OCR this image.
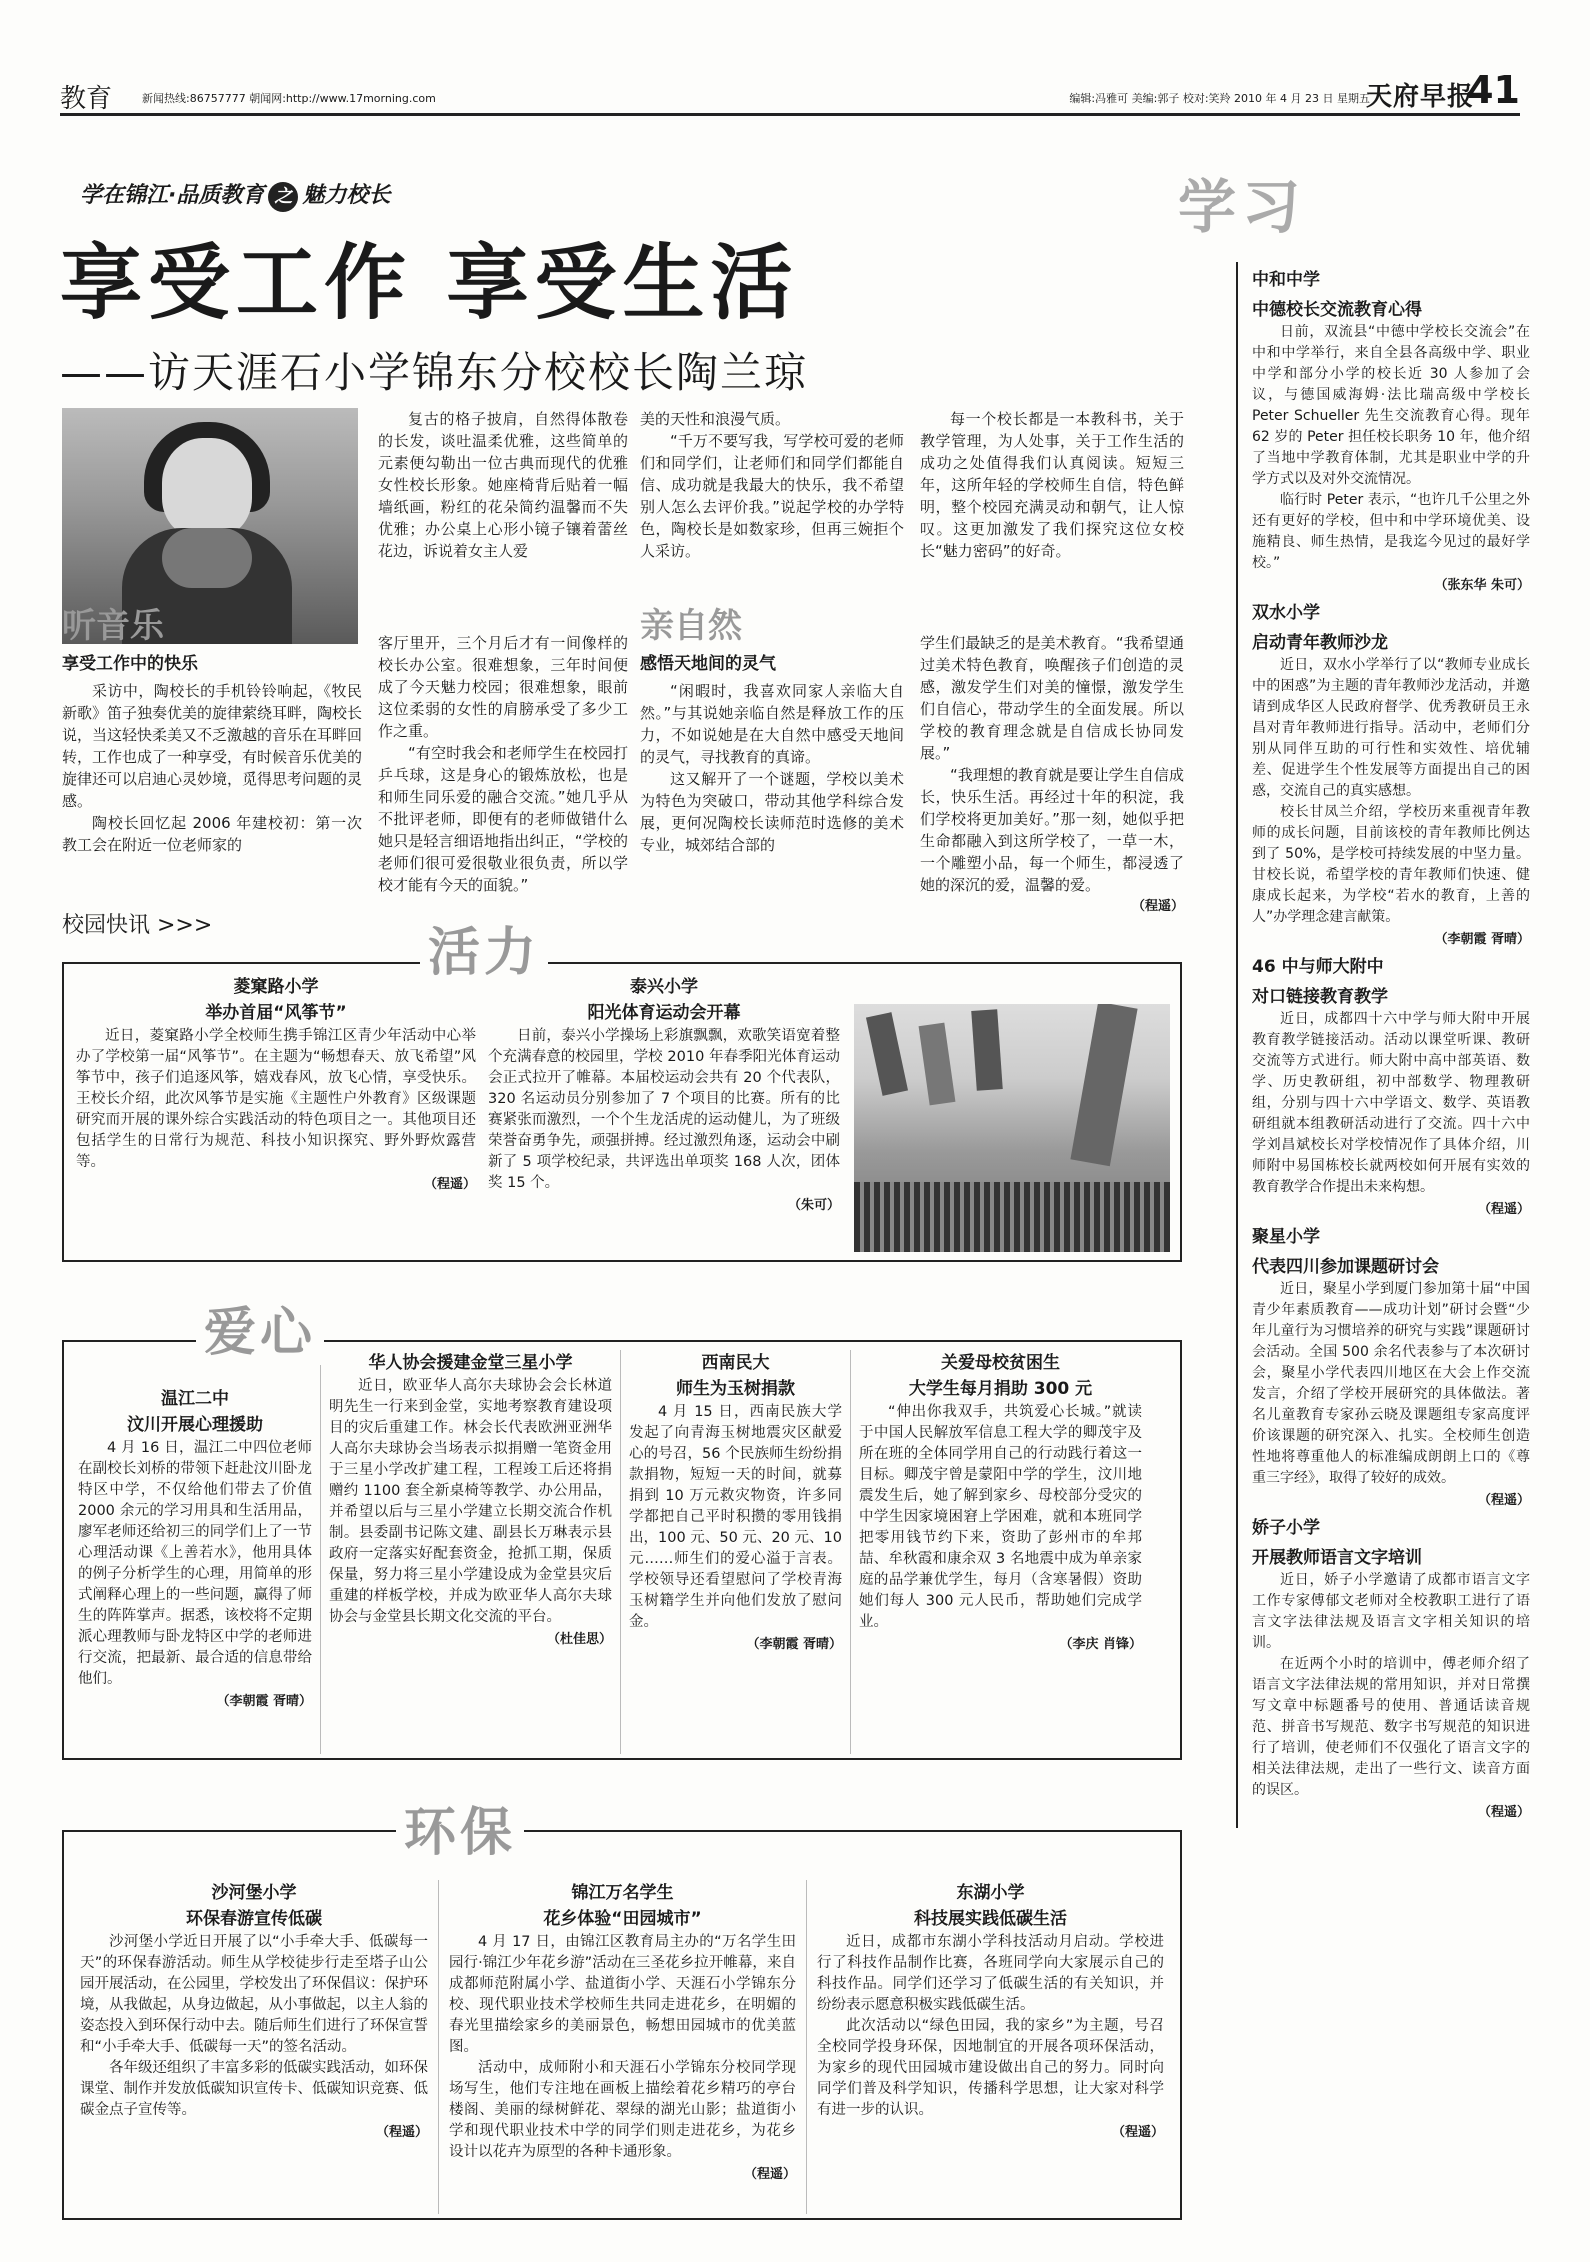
教育	新闻热线:86757777 朝闻网:http://www.17morning.com	编辑:冯雅可 美编:郭子 校对:笑羚 2010 年 4 月 23 日 星期五
天府早报
41
学在锦江·品质教育 之 魅力校长
享受工作 享受生活
——访天涯石小学锦东分校校长陶兰琼

复古的格子披肩，自然得体散卷的长发，谈吐温柔优雅，这些简单的元素便勾勒出一位古典而现代的优雅女性校长形象。她座椅背后贴着一幅墙纸画，粉红的花朵简约温馨而不失优雅；办公桌上心形小镜子镶着蕾丝花边，诉说着女主人爱

美的天性和浪漫气质。

“千万不要写我，写学校可爱的老师们和同学们，让老师们和同学们都能自信、成功就是我最大的快乐，我不希望别人怎么去评价我。”说起学校的办学特色，陶校长是如数家珍，但再三婉拒个人采访。

每一个校长都是一本教科书，关于教学管理，为人处事，关于工作生活的成功之处值得我们认真阅读。短短三年，这所年轻的学校师生自信，特色鲜明，整个校园充满灵动和朝气，让人惊叹。这更加激发了我们探究这位女校长“魅力密码”的好奇。

听音乐
享受工作中的快乐

采访中，陶校长的手机铃铃响起，《牧民新歌》笛子独奏优美的旋律萦绕耳畔，陶校长说，当这轻快柔美又不乏激越的音乐在耳畔回转，工作也成了一种享受，有时候音乐优美的旋律还可以启迪心灵妙境，觅得思考问题的灵感。

陶校长回忆起 2006 年建校初：第一次教工会在附近一位老师家的

客厅里开，三个月后才有一间像样的校长办公室。很难想象，三年时间便成了今天魅力校园；很难想象，眼前这位柔弱的女性的肩膀承受了多少工作之重。

“有空时我会和老师学生在校园打乒乓球，这是身心的锻炼放松，也是和师生同乐爱的融合交流。”她几乎从不批评老师，即便有的老师做错什么她只是轻言细语地指出纠正，“学校的老师们很可爱很敬业很负责，所以学校才能有今天的面貌。”

亲自然
感悟天地间的灵气

“闲暇时，我喜欢同家人亲临大自然。”与其说她亲临自然是释放工作的压力，不如说她是在大自然中感受天地间的灵气，寻找教育的真谛。

这又解开了一个谜题，学校以美术为特色为突破口，带动其他学科综合发展，更何况陶校长读师范时选修的美术专业，城郊结合部的

学生们最缺乏的是美术教育。“我希望通过美术特色教育，唤醒孩子们创造的灵感，激发学生们对美的憧憬，激发学生们自信心，带动学生的全面发展。所以学校的教育理念就是自信成长协同发展。”

“我理想的教育就是要让学生自信成长，快乐生活。再经过十年的积淀，我们学校将更加美好。”那一刻，她似乎把生命都融入到这所学校了，一草一木，一个雕塑小品，每一个师生，都浸透了她的深沉的爱，温馨的爱。

（程遥）
学习
中和中学
中德校长交流教育心得

日前，双流县“中德中学校长交流会”在中和中学举行，来自全县各高级中学、职业中学和部分小学的校长近 30 人参加了会议，与德国威海姆·法比瑞高级中学校长 Peter Schueller 先生交流教育心得。现年 62 岁的 Peter 担任校长职务 10 年，他介绍了当地中学教育体制，尤其是职业中学的升学方式以及对外交流情况。

临行时 Peter 表示，“也许几千公里之外还有更好的学校，但中和中学环境优美、设施精良、师生热情，是我迄今见过的最好学校。”

（张东华 朱可）
双水小学
启动青年教师沙龙

近日，双水小学举行了以“教师专业成长中的困惑”为主题的青年教师沙龙活动，并邀请到成华区人民政府督学、优秀教研员王永昌对青年教师进行指导。活动中，老师们分别从同伴互助的可行性和实效性、培优辅差、促进学生个性发展等方面提出自己的困惑，交流自己的真实感想。

校长甘凤兰介绍，学校历来重视青年教师的成长问题，目前该校的青年教师比例达到了 50%，是学校可持续发展的中坚力量。甘校长说，希望学校的青年教师们快速、健康成长起来，为学校“若水的教育，上善的人”办学理念建言献策。

（李朝霞 胥晴）
46 中与师大附中
对口链接教育教学

近日，成都四十六中学与师大附中开展教育教学链接活动。活动以课堂听课、教研交流等方式进行。师大附中高中部英语、数学、历史教研组，初中部数学、物理教研组，分别与四十六中学语文、数学、英语教研组就本组教研活动进行了交流。四十六中学刘昌斌校长对学校情况作了具体介绍，川师附中易国栋校长就两校如何开展有实效的教育教学合作提出未来构想。

（程遥）
聚星小学
代表四川参加课题研讨会

近日，聚星小学到厦门参加第十届“中国青少年素质教育——成功计划”研讨会暨“少年儿童行为习惯培养的研究与实践”课题研讨会活动。全国 500 余名代表参与了本次研讨会，聚星小学代表四川地区在大会上作交流发言，介绍了学校开展研究的具体做法。著名儿童教育专家孙云晓及课题组专家高度评价该课题的研究深入、扎实。全校师生创造性地将尊重他人的标准编成朗朗上口的《尊重三字经》，取得了较好的成效。

（程遥）
娇子小学
开展教师语言文字培训

近日，娇子小学邀请了成都市语言文字工作专家傅郁文老师对全校教职工进行了语言文字法律法规及语言文字相关知识的培训。

在近两个小时的培训中，傅老师介绍了语言文字法律法规的常用知识，并对日常撰写文章中标题番号的使用、普通话读音规范、拼音书写规范、数字书写规范的知识进行了培训，使老师们不仅强化了语言文字的相关法律法规，走出了一些行文、读音方面的误区。

（程遥）
校园快讯 >>>
菱窠路小学
举办首届“风筝节”
近日，菱窠路小学全校师生携手锦江区青少年活动中心举办了学校第一届“风筝节”。在主题为“畅想春天、放飞希望”风筝节中，孩子们追逐风筝，嬉戏春风，放飞心情，享受快乐。王校长介绍，此次风筝节是实施《主题性户外教育》区级课题研究而开展的课外综合实践活动的特色项目之一。其他项目还包括学生的日常行为规范、科技小知识探究、野外野炊露营等。
（程遥）
泰兴小学
阳光体育运动会开幕
日前，泰兴小学操场上彩旗飘飘，欢歌笑语宽着整个充满春意的校园里，学校 2010 年春季阳光体育运动会正式拉开了帷幕。本届校运动会共有 20 个代表队，320 名运动员分别参加了 7 个项目的比赛。所有的比赛紧张而激烈，一个个生龙活虎的运动健儿，为了班级荣誉奋勇争先，顽强拼搏。经过激烈角逐，运动会中刷新了 5 项学校纪录，共评选出单项奖 168 人次，团体奖 15 个。
（朱可）
活力
温江二中
汶川开展心理援助
4 月 16 日，温江二中四位老师在副校长刘桥的带领下赶赴汶川卧龙特区中学，不仅给他们带去了价值 2000 余元的学习用具和生活用品，廖军老师还给初三的同学们上了一节心理活动课《上善若水》，他用具体的例子分析学生的心理，用简单的形式阐释心理上的一些问题，赢得了师生的阵阵掌声。据悉，该校将不定期派心理教师与卧龙特区中学的老师进行交流，把最新、最合适的信息带给他们。
（李朝霞 胥晴）
华人协会援建金堂三星小学
近日，欧亚华人高尔夫球协会会长林道明先生一行来到金堂，实地考察教育建设项目的灾后重建工作。林会长代表欧洲亚洲华人高尔夫球协会当场表示拟捐赠一笔资金用于三星小学改扩建工程，工程竣工后还将捐赠约 1100 套全新桌椅等教学、办公用品，并希望以后与三星小学建立长期交流合作机制。县委副书记陈文建、副县长万琳表示县政府一定落实好配套资金，抢抓工期，保质保量，努力将三星小学建设成为金堂县灾后重建的样板学校，并成为欧亚华人高尔夫球协会与金堂县长期文化交流的平台。
（杜佳思）
西南民大
师生为玉树捐款
4 月 15 日，西南民族大学发起了向青海玉树地震灾区献爱心的号召，56 个民族师生纷纷捐款捐物，短短一天的时间，就募捐到 10 万元救灾物资，许多同学都把自己平时积攒的零用钱捐出，100 元、50 元、20 元、10 元……师生们的爱心溢于言表。学校领导还看望慰问了学校青海玉树籍学生并向他们发放了慰问金。
（李朝霞 胥晴）
关爱母校贫困生
大学生每月捐助 300 元
“伸出你我双手，共筑爱心长城。”就读于中国人民解放军信息工程大学的卿茂宇及所在班的全体同学用自己的行动践行着这一目标。卿茂宇曾是蒙阳中学的学生，汶川地震发生后，她了解到家乡、母校部分受灾的中学生因家境困窘上学困难，就和本班同学把零用钱节约下来，资助了彭州市的牟邦喆、牟秋霞和康余双 3 名地震中成为单亲家庭的品学兼优学生，每月（含寒暑假）资助她们每人 300 元人民币，帮助她们完成学业。
（李庆 肖锋）
爱心
沙河堡小学
环保春游宣传低碳

沙河堡小学近日开展了以“小手牵大手、低碳每一天”的环保春游活动。师生从学校徒步行走至塔子山公园开展活动，在公园里，学校发出了环保倡议：保护环境，从我做起，从身边做起，从小事做起，以主人翁的姿态投入到环保行动中去。随后师生们进行了环保宣誓和“小手牵大手、低碳每一天”的签名活动。

各年级还组织了丰富多彩的低碳实践活动，如环保课堂、制作并发放低碳知识宣传卡、低碳知识竞赛、低碳金点子宣传等。

（程遥）
锦江万名学生
花乡体验“田园城市”

4 月 17 日，由锦江区教育局主办的“万名学生田园行·锦江少年花乡游”活动在三圣花乡拉开帷幕，来自成都师范附属小学、盐道街小学、天涯石小学锦东分校、现代职业技术学校师生共同走进花乡，在明媚的春光里描绘家乡的美丽景色，畅想田园城市的优美蓝图。

活动中，成师附小和天涯石小学锦东分校同学现场写生，他们专注地在画板上描绘着花乡精巧的亭台楼阁、美丽的绿树鲜花、翠绿的湖光山影；盐道街小学和现代职业技术中学的同学们则走进花乡，为花乡设计以花卉为原型的各种卡通形象。

（程遥）
东湖小学
科技展实践低碳生活

近日，成都市东湖小学科技活动月启动。学校进行了科技作品制作比赛，各班同学向大家展示自己的科技作品。同学们还学习了低碳生活的有关知识，并纷纷表示愿意积极实践低碳生活。

此次活动以“绿色田园，我的家乡”为主题，号召全校同学投身环保，因地制宜的开展各项环保活动，为家乡的现代田园城市建设做出自己的努力。同时向同学们普及科学知识，传播科学思想，让大家对科学有进一步的认识。

（程遥）
环保
